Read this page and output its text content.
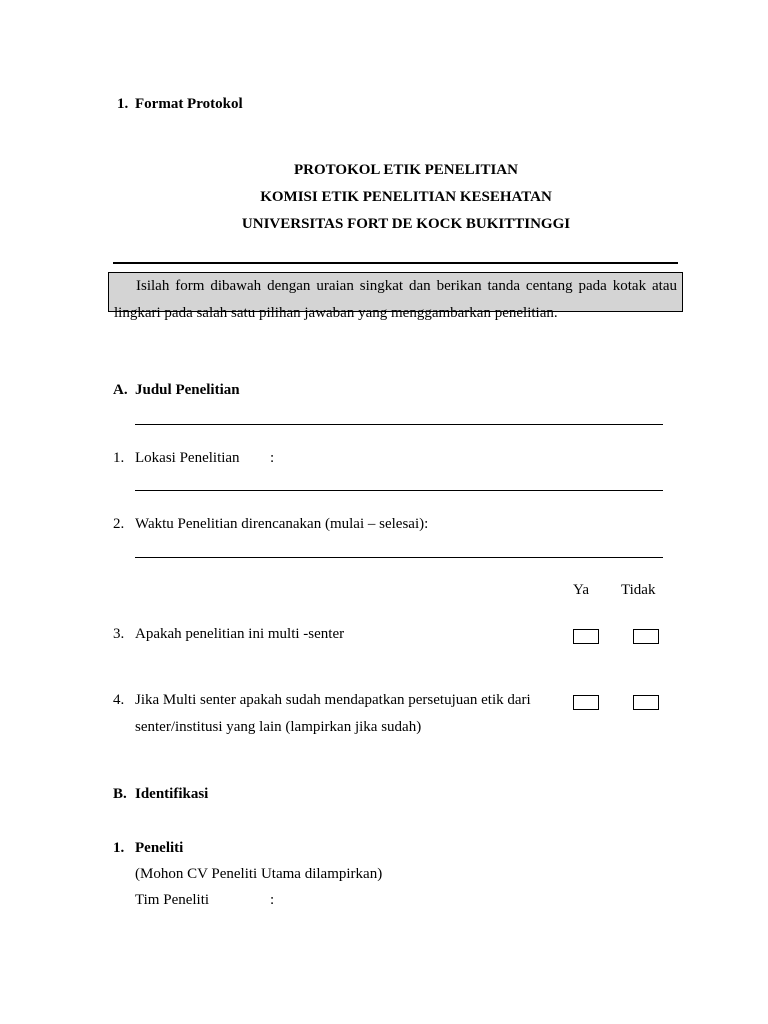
1. Format Protokol
PROTOKOL ETIK PENELITIAN
KOMISI ETIK PENELITIAN KESEHATAN
UNIVERSITAS FORT DE KOCK BUKITTINGGI
Isilah form dibawah dengan uraian singkat dan berikan tanda centang pada kotak atau lingkari pada salah satu pilihan jawaban yang menggambarkan penelitian.
A. Judul Penelitian
1. Lokasi Penelitian :
2. Waktu Penelitian direncanakan (mulai – selesai):
Ya Tidak
3. Apakah penelitian ini multi -senter
4. Jika Multi senter apakah sudah mendapatkan persetujuan etik dari
senter/institusi yang lain (lampirkan jika sudah)
B. Identifikasi
1. Peneliti
(Mohon CV Peneliti Utama dilampirkan)
Tim Peneliti	:
